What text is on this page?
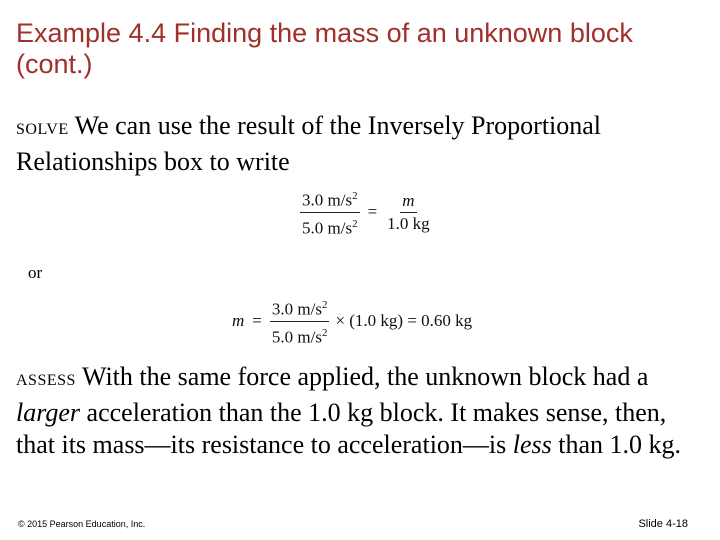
Example 4.4 Finding the mass of an unknown block (cont.)

SOLVE We can use the result of the Inversely Proportional Relationships box to write

$\frac{3.0 m/s^2}{5.0 m/s^2} = \frac{m}{1.0 kg}$
or
$m = \frac{3.0 m/s^2}{5.0 m/s^2} \times (1.0$ kg) = 0.60 kg

ASSESS With the same force applied, the unknown block had a larger acceleration than the 1.0 kg block. It makes sense, then, that its mass—its resistance to acceleration—is less than 1.0 kg.

© 2015 Pearson Education, Inc.	Slide 4-18
